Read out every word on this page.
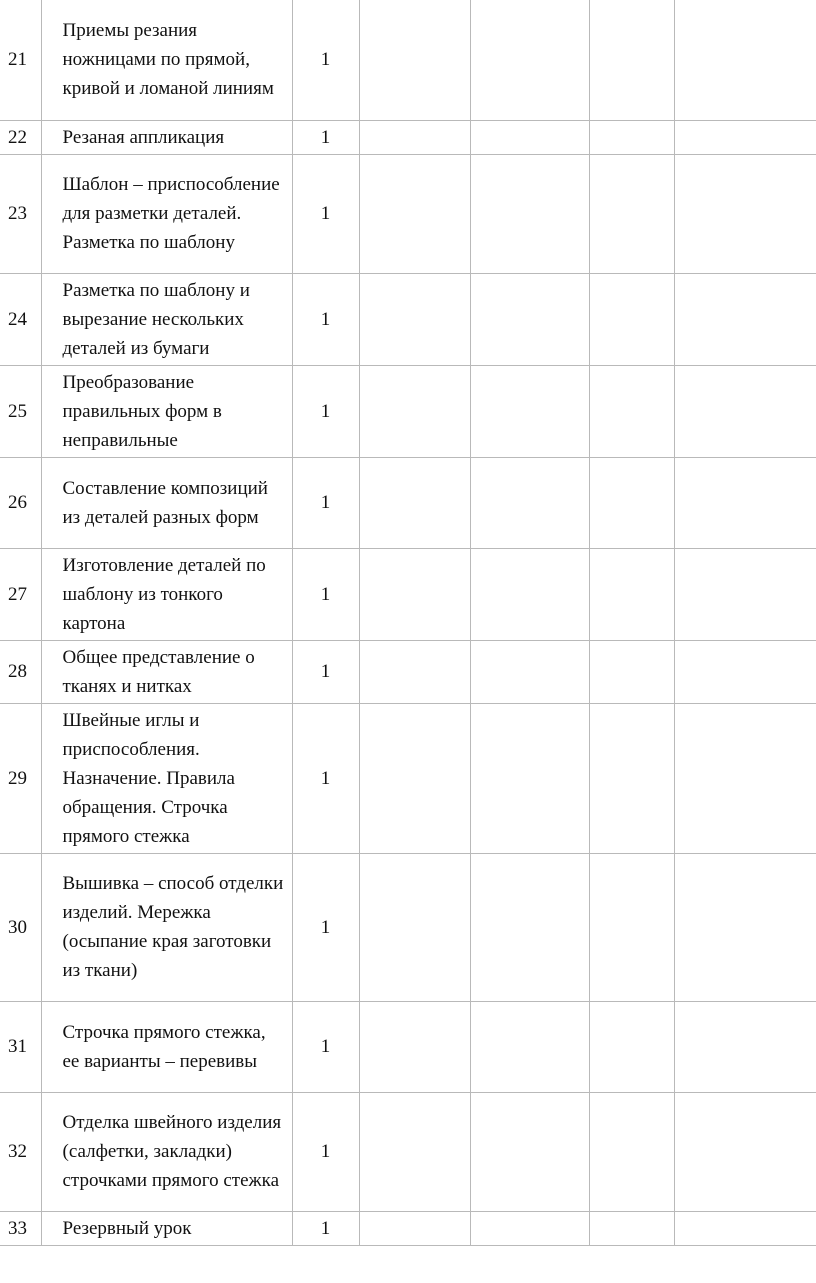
21	Приемы резания ножницами по прямой, кривой и ломаной линиям	1				
22	Резаная аппликация	1				
23	Шаблон – приспособление для разметки деталей. Разметка по шаблону	1				
24	Разметка по шаблону и вырезание нескольких деталей из бумаги	1				
25	Преобразование правильных форм в неправильные	1				
26	Составление композиций из деталей разных форм	1				
27	Изготовление деталей по шаблону из тонкого картона	1				
28	Общее представление о тканях и нитках	1				
29	Швейные иглы и приспособления. Назначение. Правила обращения. Строчка прямого стежка	1				
30	Вышивка – способ отделки изделий. Мережка (осыпание края заготовки из ткани)	1				
31	Строчка прямого стежка, ее варианты – перевивы	1				
32	Отделка швейного изделия (салфетки, закладки) строчками прямого стежка	1				
33	Резервный урок	1				
